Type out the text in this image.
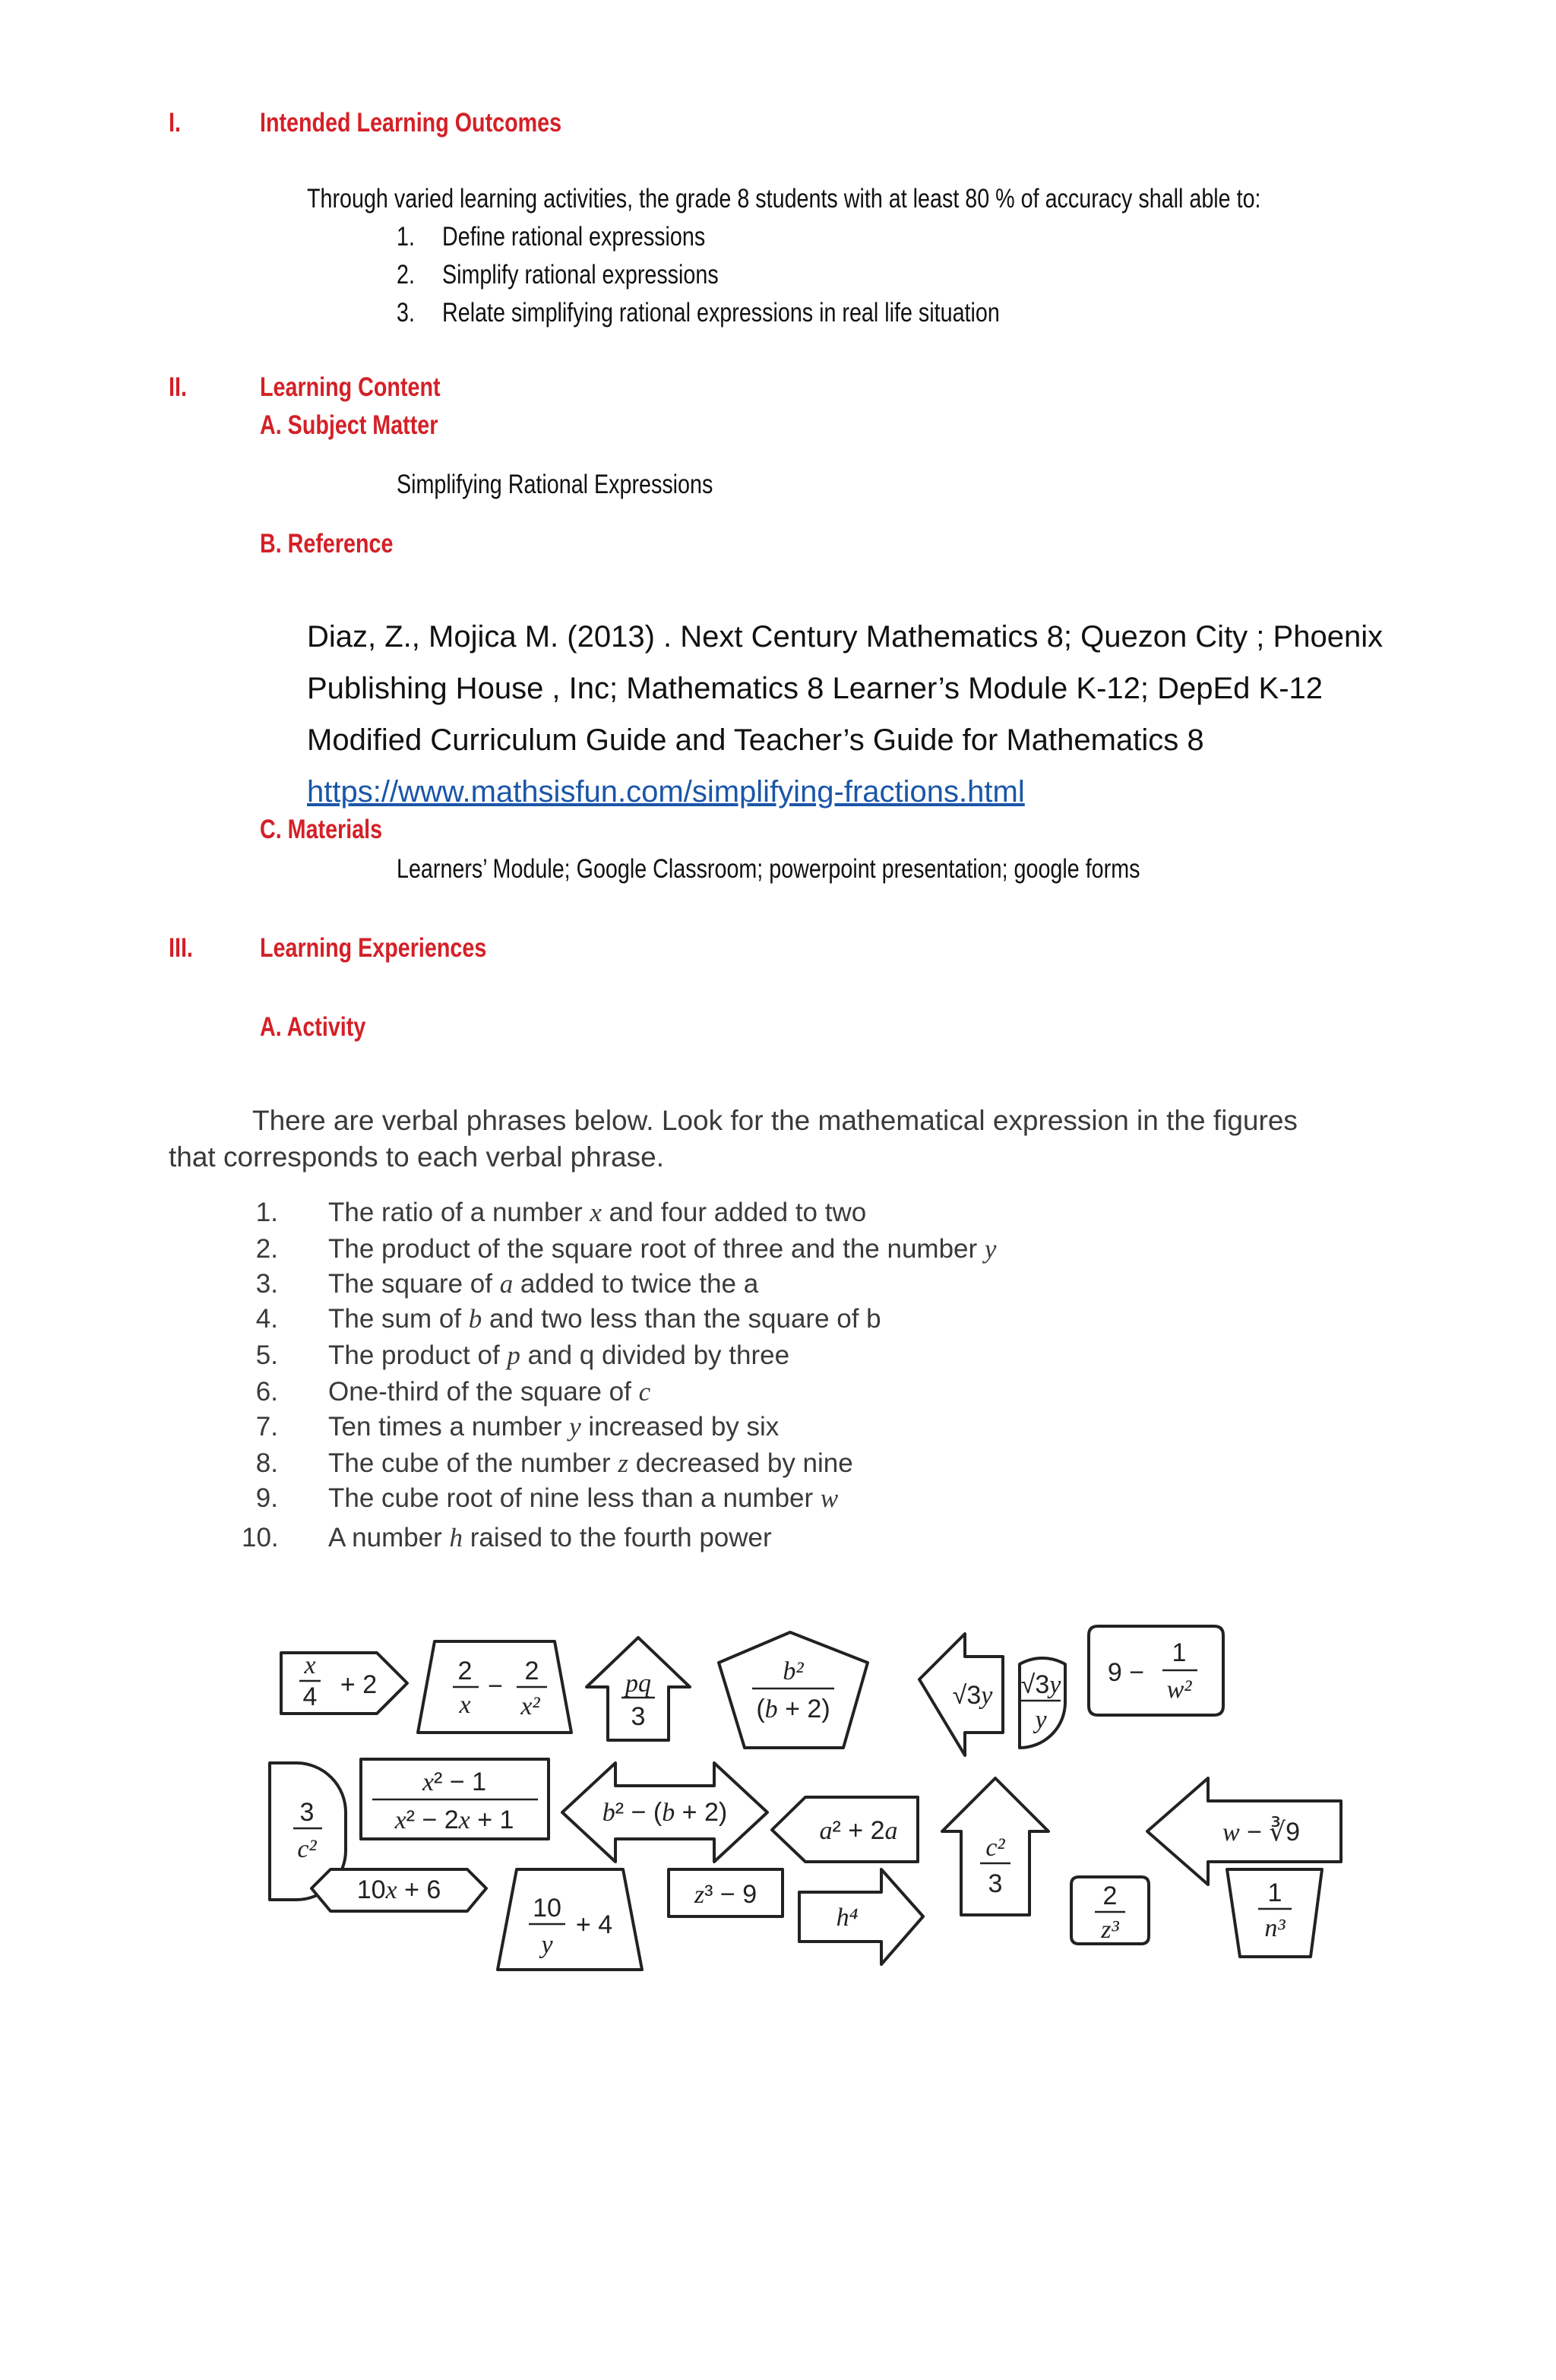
I.	Intended Learning Outcomes
Through varied learning activities, the grade 8 students with at least 80 % of accuracy shall able to:
1. Define rational expressions
2. Simplify rational expressions
3. Relate simplifying rational expressions in real life situation
II.	Learning Content
A. Subject Matter
Simplifying Rational Expressions
B. Reference
Diaz, Z., Mojica M. (2013) . Next Century Mathematics 8; Quezon City ; Phoenix
Publishing House , Inc; Mathematics 8 Learner’s Module K-12; DepEd K-12
Modified Curriculum Guide and Teacher’s Guide for Mathematics 8
https://www.mathsisfun.com/simplifying-fractions.html
C. Materials
Learners’ Module; Google Classroom; powerpoint presentation; google forms
III.	Learning Experiences
A. Activity
There are verbal phrases below. Look for the mathematical expression in the figures
that corresponds to each verbal phrase.
1. The ratio of a number x and four added to two
2. The product of the square root of three and the number y
3. The square of a added to twice the a
4. The sum of b and two less than the square of b
5. The product of p and q divided by three
6. One-third of the square of c
7. Ten times a number y increased by six
8. The cube of the number z decreased by nine
9. The cube root of nine less than a number w
10. A number h raised to the fourth power
x
4 + 2	2
x
−
2
x²
pq
3
b²
(b + 2)	√3y √3y
y
9 −
1
w²
3
c²
x² − 1
x² − 2x + 1	b² − (b + 2)
a² + 2a
c²
3
w − ∛9
10x + 6
10
y
+ 4
z³ − 9
h⁴
2
z³
1
n³
